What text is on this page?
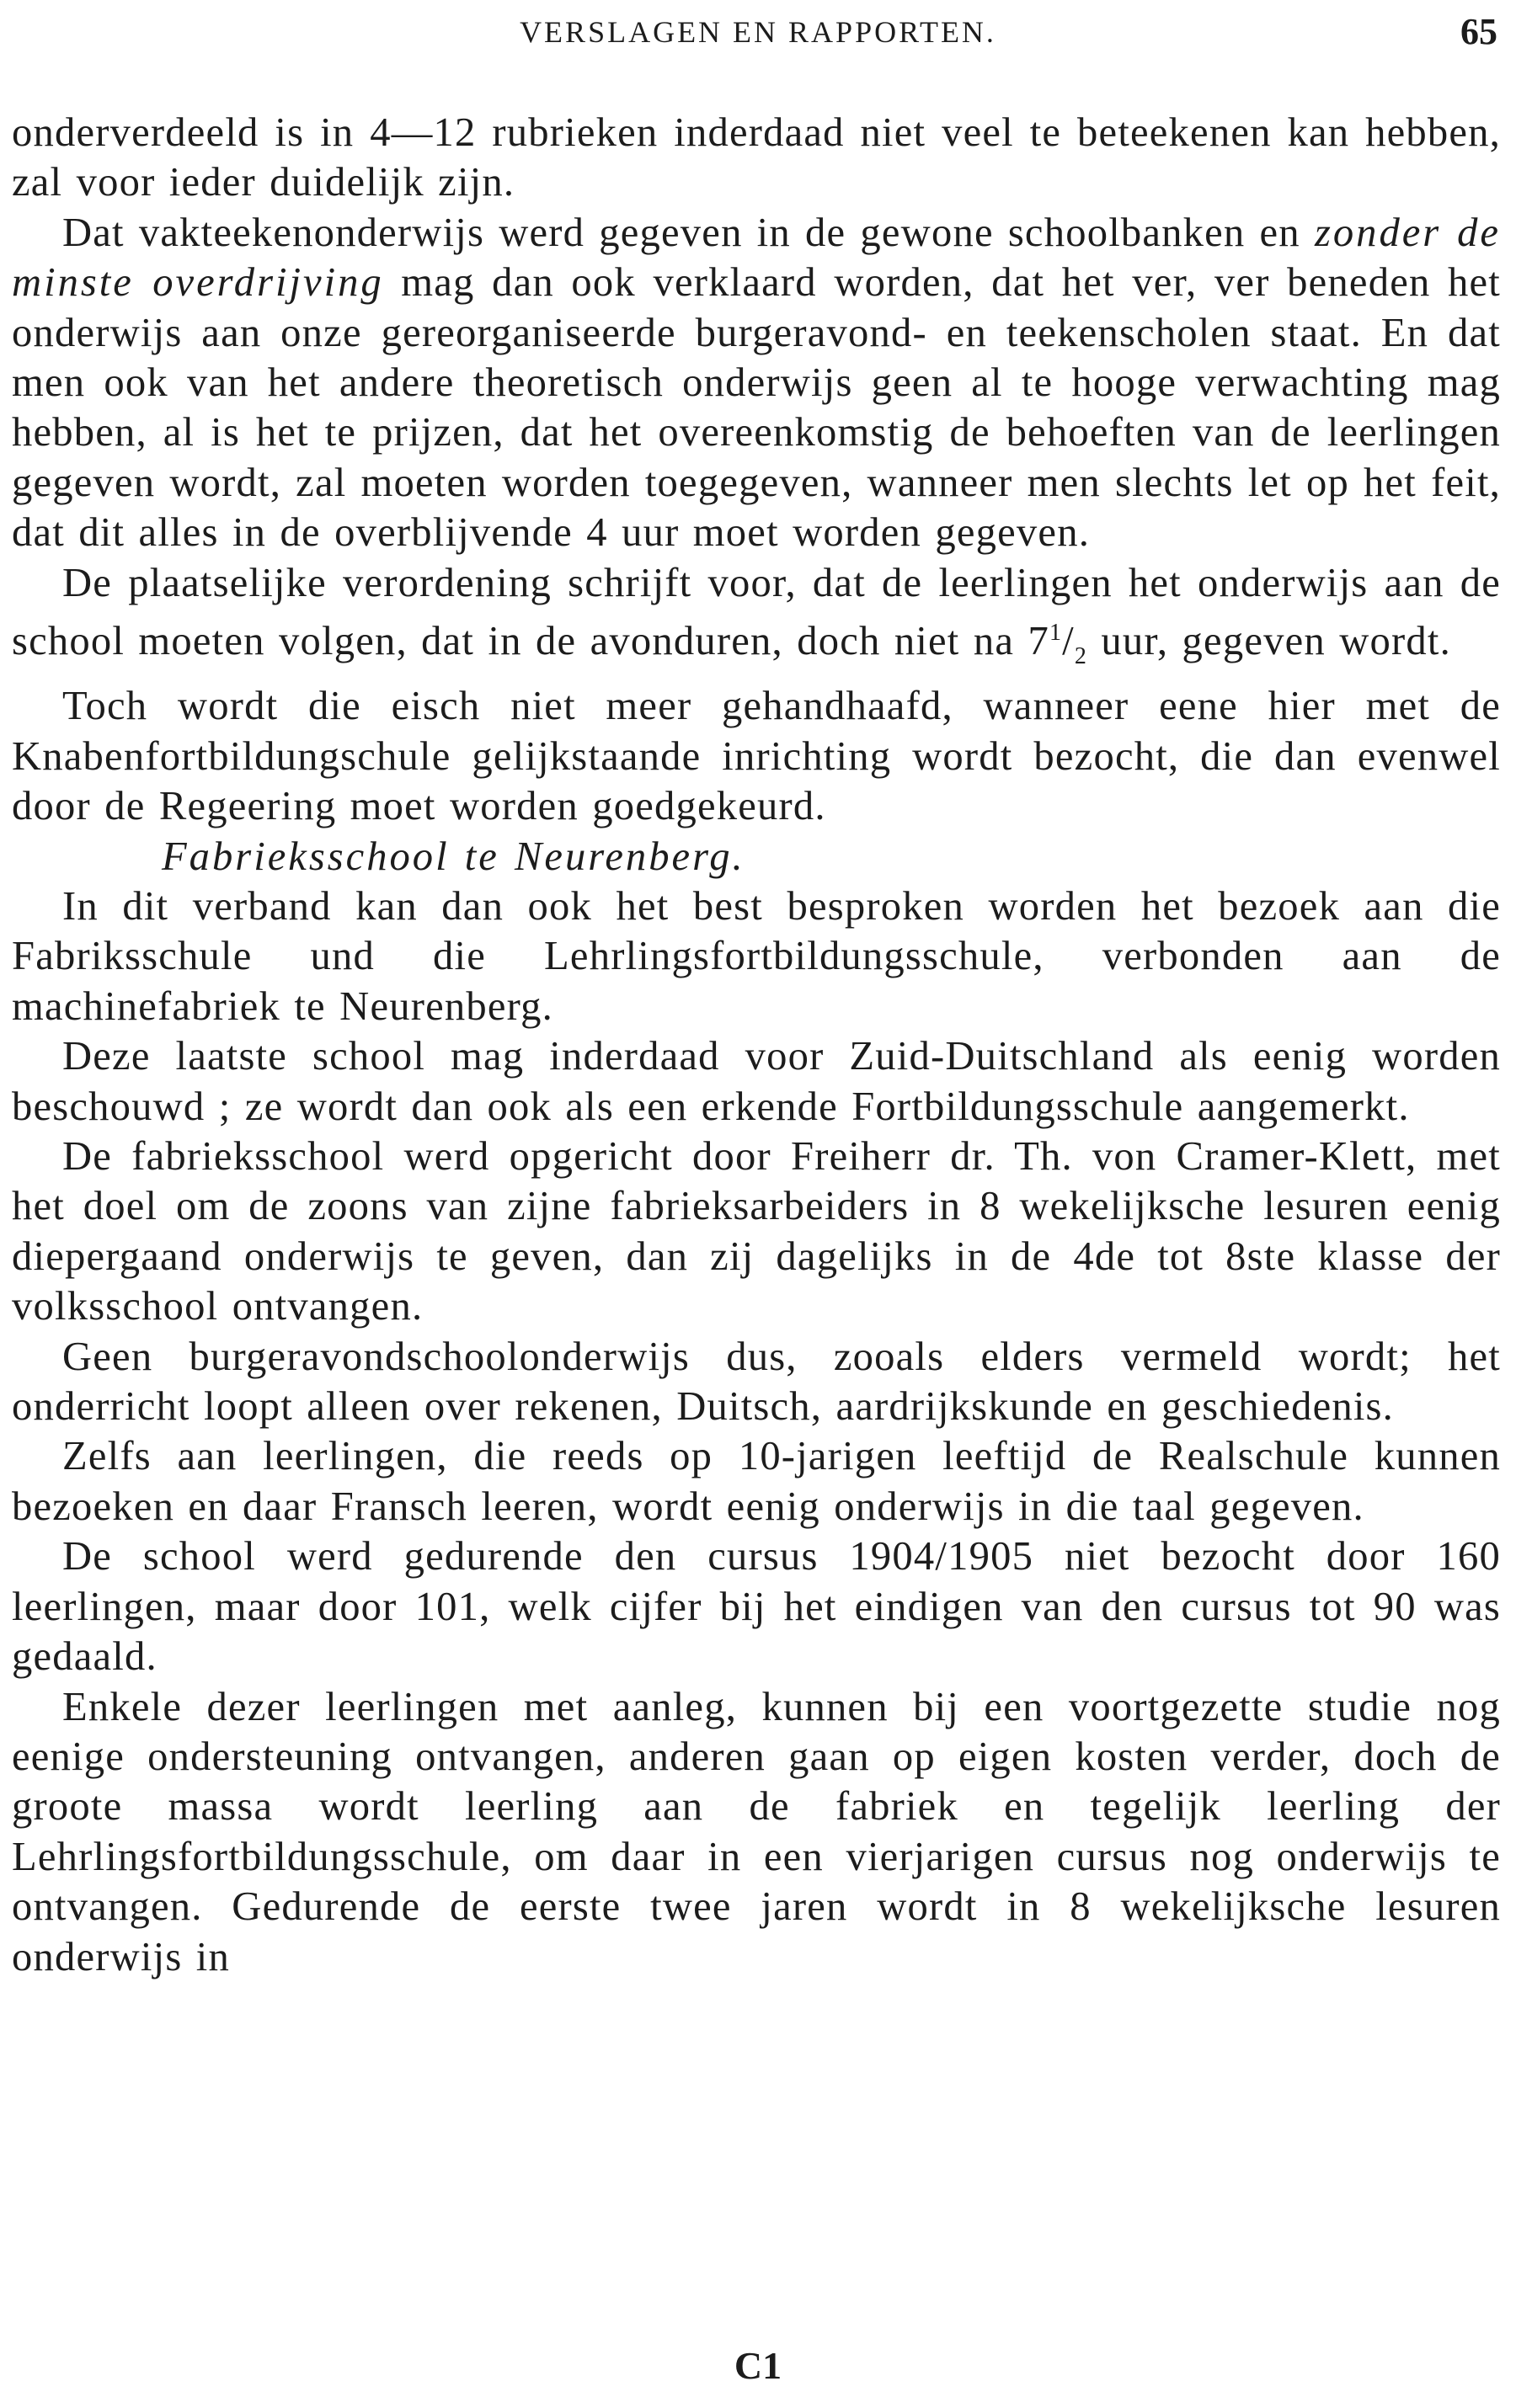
VERSLAGEN EN RAPPORTEN.	65

onderverdeeld is in 4—12 rubrieken inderdaad niet veel te beteekenen kan hebben, zal voor ieder duidelijk zijn.

Dat vakteekenonderwijs werd gegeven in de gewone schoolbanken en zonder de minste overdrijving mag dan ook verklaard worden, dat het ver, ver beneden het onderwijs aan onze gereorganiseerde burgeravond- en teekenscholen staat. En dat men ook van het andere theoretisch onderwijs geen al te hooge verwachting mag hebben, al is het te prijzen, dat het overeenkomstig de behoeften van de leerlingen gegeven wordt, zal moeten worden toegegeven, wanneer men slechts let op het feit, dat dit alles in de overblijvende 4 uur moet worden gegeven.

De plaatselijke verordening schrijft voor, dat de leerlingen het onderwijs aan de school moeten volgen, dat in de avonduren, doch niet na $7^1/_2$ uur, gegeven wordt.

Toch wordt die eisch niet meer gehandhaafd, wanneer eene hier met de Knabenfortbildungschule gelijkstaande inrichting wordt bezocht, die dan evenwel door de Regeering moet worden goedgekeurd.

Fabrieksschool te Neurenberg.

In dit verband kan dan ook het best besproken worden het bezoek aan die Fabriksschule und die Lehrlingsfortbildungsschule, verbonden aan de machinefabriek te Neurenberg.

Deze laatste school mag inderdaad voor Zuid-Duitschland als eenig worden beschouwd ; ze wordt dan ook als een erkende Fortbildungsschule aangemerkt.

De fabrieksschool werd opgericht door Freiherr dr. Th. von Cramer-Klett, met het doel om de zoons van zijne fabrieksarbeiders in 8 wekelijksche lesuren eenig diepergaand onderwijs te geven, dan zij dagelijks in de 4de tot 8ste klasse der volksschool ontvangen.

Geen burgeravondschoolonderwijs dus, zooals elders vermeld wordt; het onderricht loopt alleen over rekenen, Duitsch, aardrijkskunde en geschiedenis.

Zelfs aan leerlingen, die reeds op 10-jarigen leeftijd de Realschule kunnen bezoeken en daar Fransch leeren, wordt eenig onderwijs in die taal gegeven.

De school werd gedurende den cursus 1904/1905 niet bezocht door 160 leerlingen, maar door 101, welk cijfer bij het eindigen van den cursus tot 90 was gedaald.

Enkele dezer leerlingen met aanleg, kunnen bij een voortgezette studie nog eenige ondersteuning ontvangen, anderen gaan op eigen kosten verder, doch de groote massa wordt leerling aan de fabriek en tegelijk leerling der Lehrlingsfortbildungsschule, om daar in een vierjarigen cursus nog onderwijs te ontvangen. Gedurende de eerste twee jaren wordt in 8 wekelijksche lesuren onderwijs in

C1
